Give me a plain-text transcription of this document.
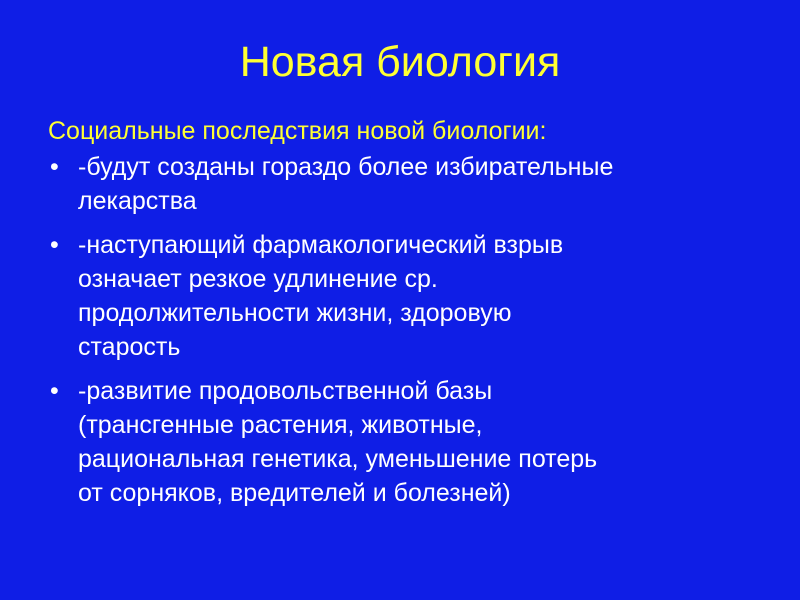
Новая биология
Социальные последствия новой биологии:
• -будут созданы гораздо более избирательные
лекарства
• -наступающий фармакологический взрыв
означает резкое удлинение ср.
продолжительности жизни, здоровую
старость
• -развитие продовольственной базы
(трансгенные растения, животные,
рациональная генетика, уменьшение потерь
от сорняков, вредителей и болезней)
